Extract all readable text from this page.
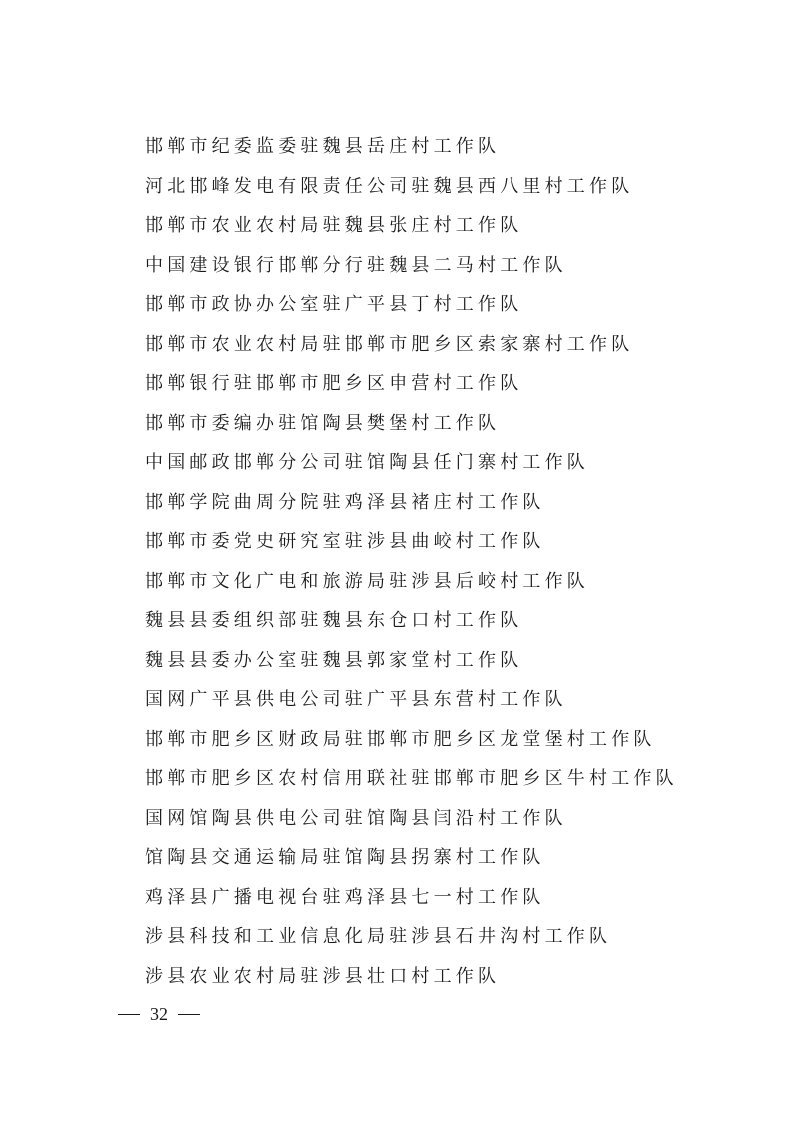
邯郸市纪委监委驻魏县岳庄村工作队
河北邯峰发电有限责任公司驻魏县西八里村工作队
邯郸市农业农村局驻魏县张庄村工作队
中国建设银行邯郸分行驻魏县二马村工作队
邯郸市政协办公室驻广平县丁村工作队
邯郸市农业农村局驻邯郸市肥乡区索家寨村工作队
邯郸银行驻邯郸市肥乡区申营村工作队
邯郸市委编办驻馆陶县樊堡村工作队
中国邮政邯郸分公司驻馆陶县任门寨村工作队
邯郸学院曲周分院驻鸡泽县褚庄村工作队
邯郸市委党史研究室驻涉县曲峧村工作队
邯郸市文化广电和旅游局驻涉县后峧村工作队
魏县县委组织部驻魏县东仓口村工作队
魏县县委办公室驻魏县郭家堂村工作队
国网广平县供电公司驻广平县东营村工作队
邯郸市肥乡区财政局驻邯郸市肥乡区龙堂堡村工作队
邯郸市肥乡区农村信用联社驻邯郸市肥乡区牛村工作队
国网馆陶县供电公司驻馆陶县闫沿村工作队
馆陶县交通运输局驻馆陶县拐寨村工作队
鸡泽县广播电视台驻鸡泽县七一村工作队
涉县科技和工业信息化局驻涉县石井沟村工作队
涉县农业农村局驻涉县壮口村工作队
32
